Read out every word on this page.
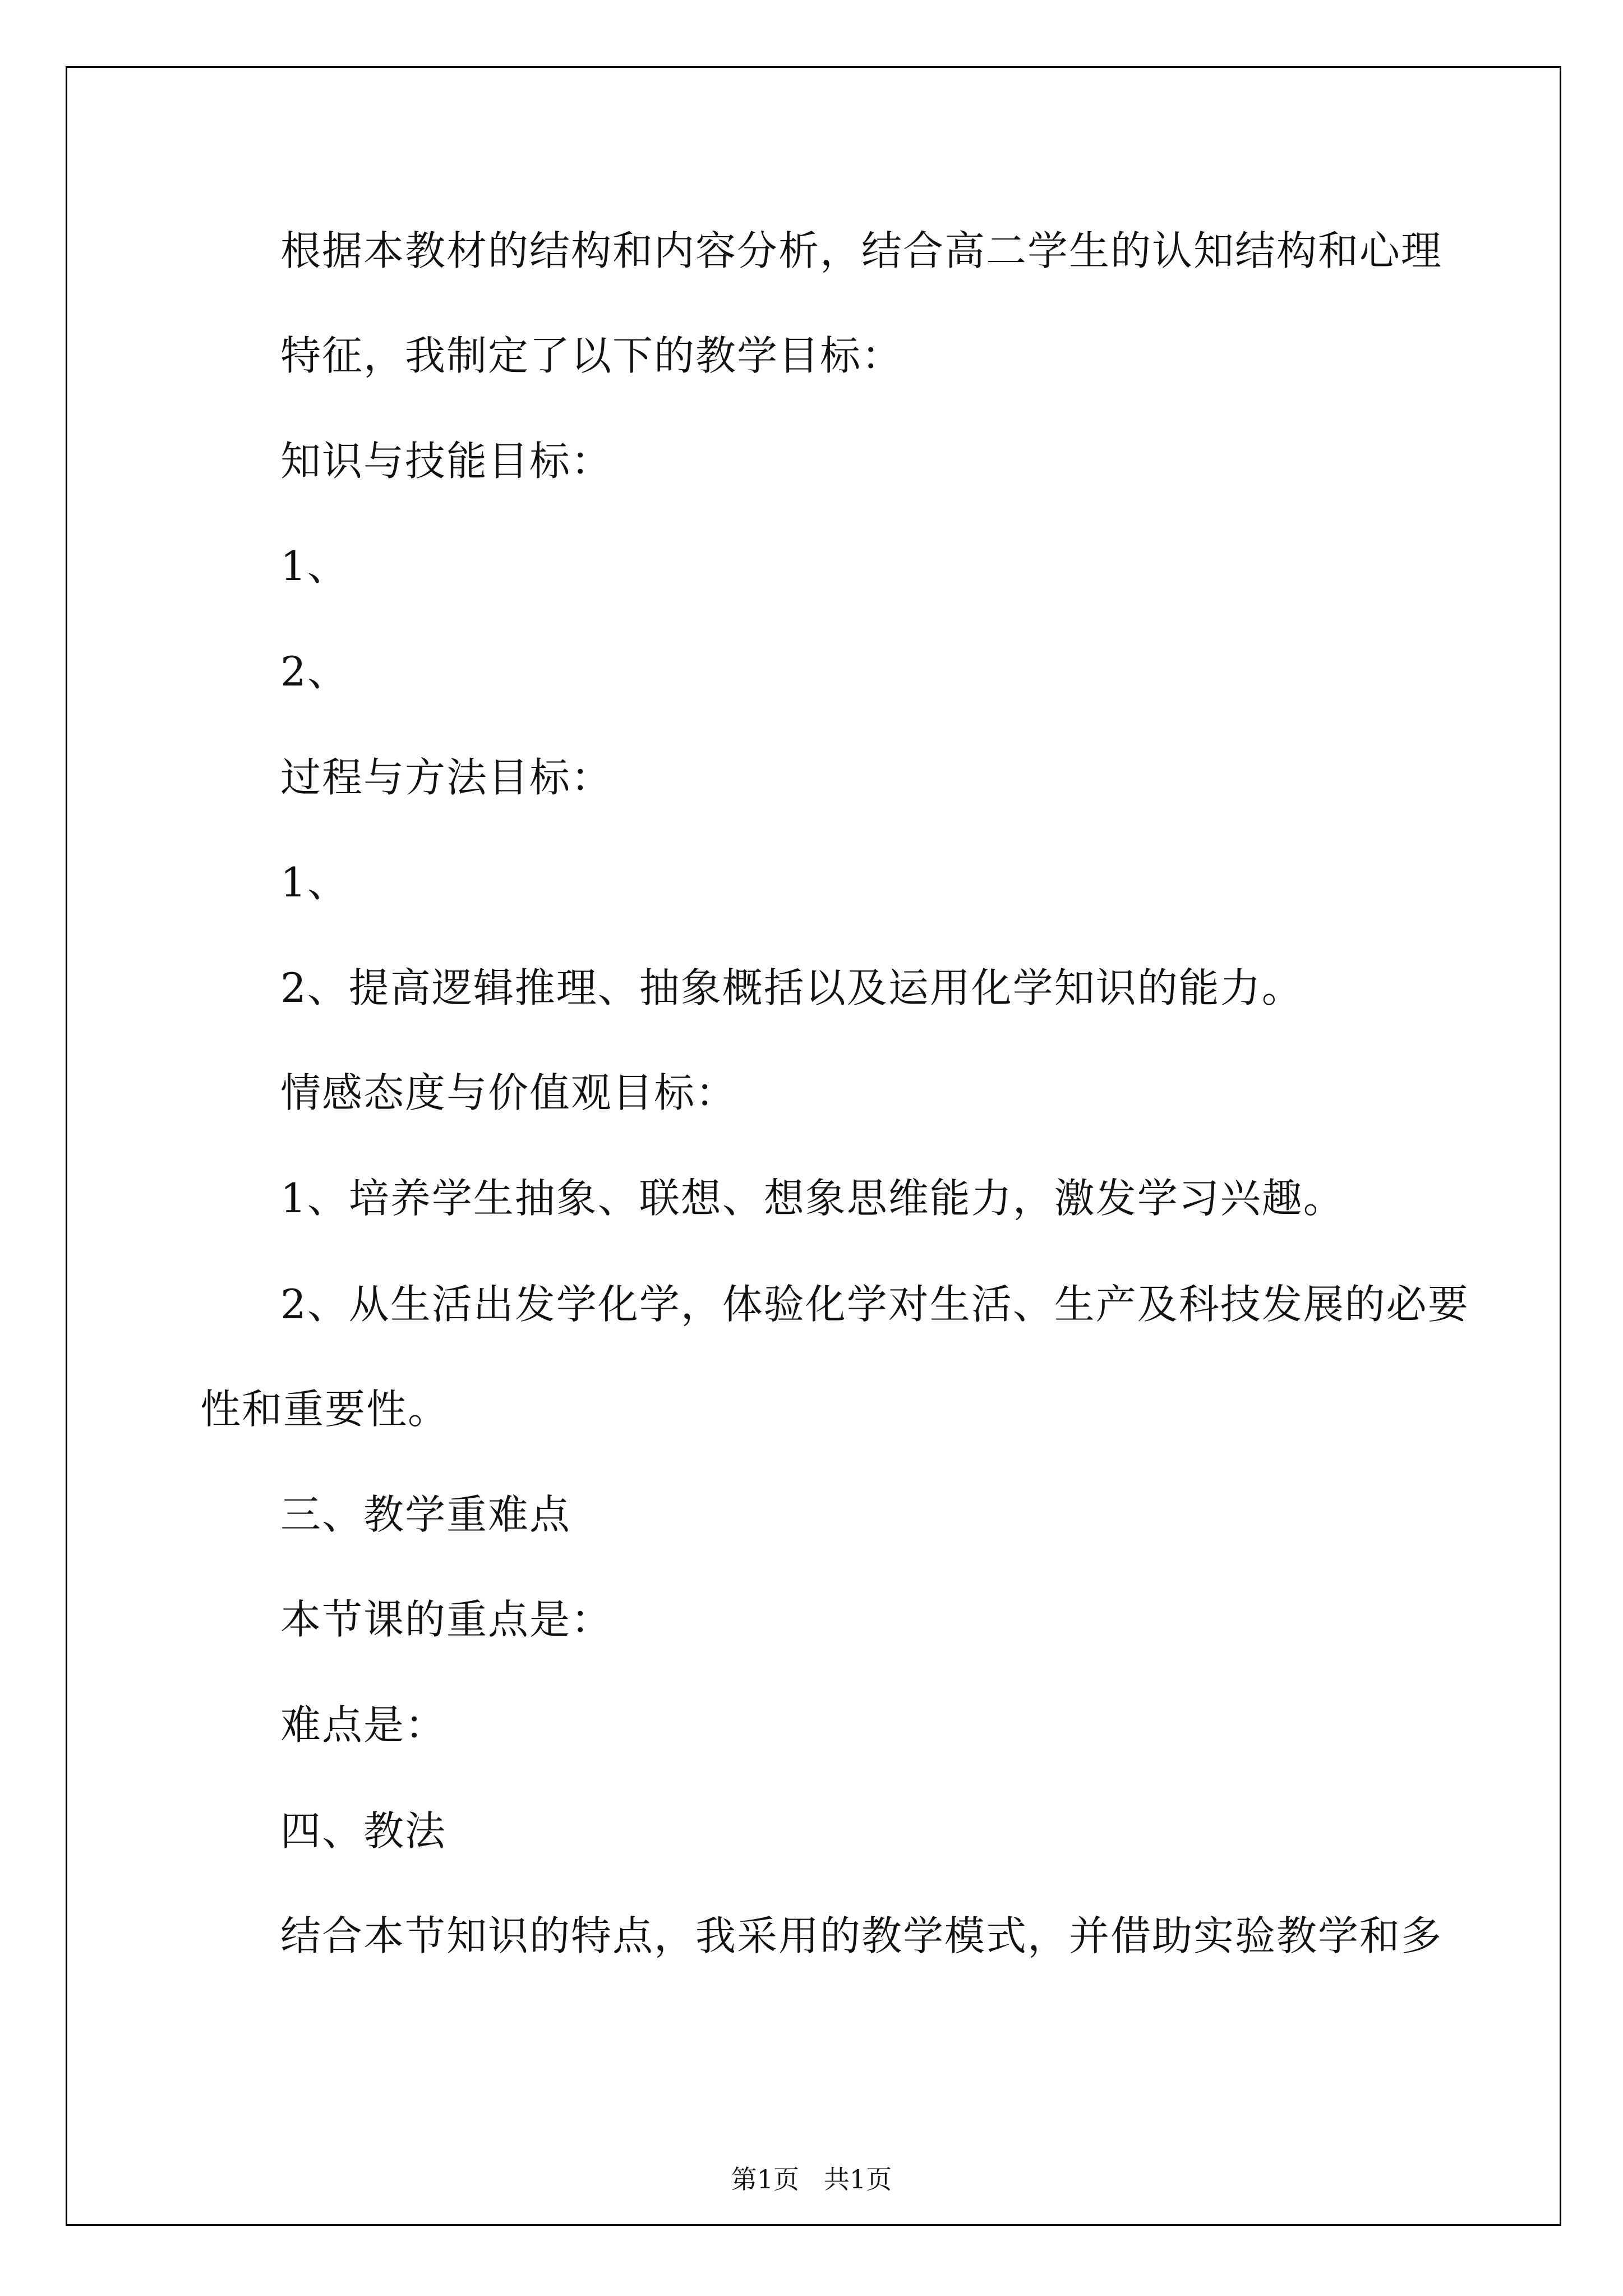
根据本教材的结构和内容分析，结合高二学生的认知结构和心理

特征，我制定了以下的教学目标：

知识与技能目标：

1、

2、

过程与方法目标：

1、

2、提高逻辑推理、抽象概括以及运用化学知识的能力。

情感态度与价值观目标：

1、培养学生抽象、联想、想象思维能力，激发学习兴趣。

2、从生活出发学化学，体验化学对生活、生产及科技发展的必要

性和重要性。

三、教学重难点

本节课的重点是：

难点是：

四、教法

结合本节知识的特点，我采用的教学模式，并借助实验教学和多

第1页   共1页
